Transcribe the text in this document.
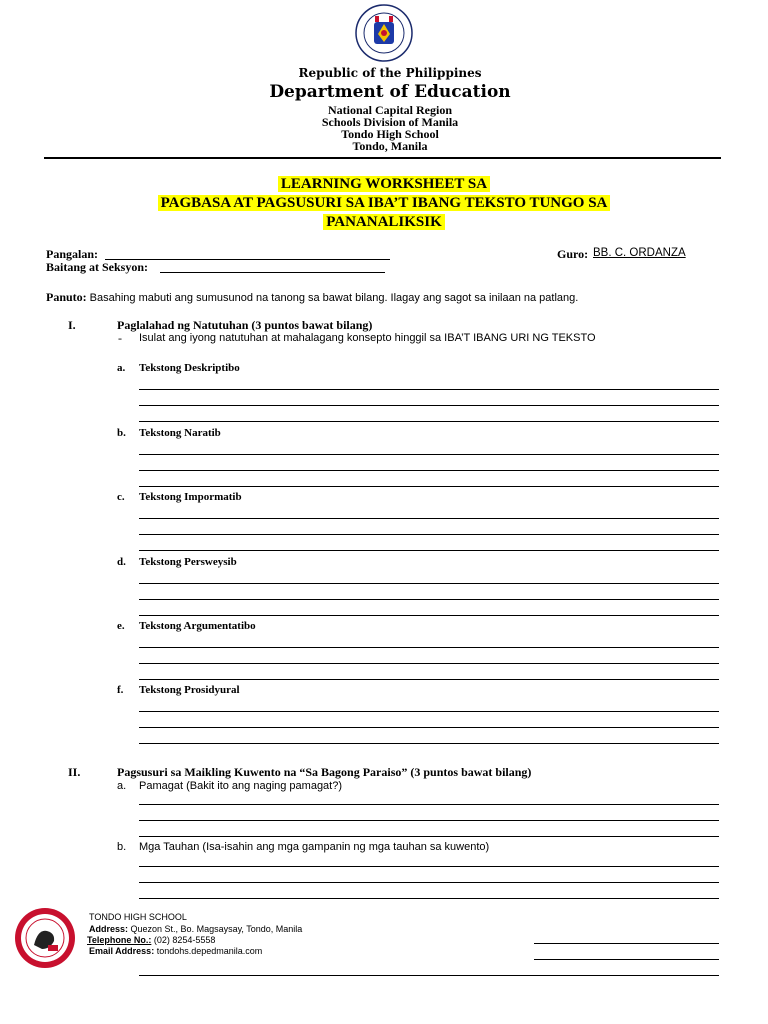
Republic of the Philippines
Department of Education
National Capital Region
Schools Division of Manila
Tondo High School
Tondo, Manila
LEARNING WORKSHEET SA
PAGBASA AT PAGSUSURI SA IBA’T IBANG TEKSTO TUNGO SA
PANANALIKSIK
Pangalan:
Baitang at Seksyon:
Guro: BB. C. ORDANZA
Panuto: Basahing mabuti ang sumusunod na tanong sa bawat bilang. Ilagay ang sagot sa inilaan na patlang.
I.	Paglalahad ng Natutuhan (3 puntos bawat bilang)
- Isulat ang iyong natutuhan at mahalagang konsepto hinggil sa IBA’T IBANG URI NG TEKSTO
a. Tekstong Deskriptibo
b. Tekstong Naratib
c. Tekstong Impormatib
d. Tekstong Persweysib
e. Tekstong Argumentatibo
f. Tekstong Prosidyural
II.	Pagsusuri sa Maikling Kuwento na “Sa Bagong Paraiso” (3 puntos bawat bilang)
a. Pamagat (Bakit ito ang naging pamagat?)
b. Mga Tauhan (Isa-isahin ang mga gampanin ng mga tauhan sa kuwento)
TONDO HIGH SCHOOL
Address: Quezon St., Bo. Magsaysay, Tondo, Manila
Telephone No.: (02) 8254-5558
Email Address: tondohs.depedmanila.com
